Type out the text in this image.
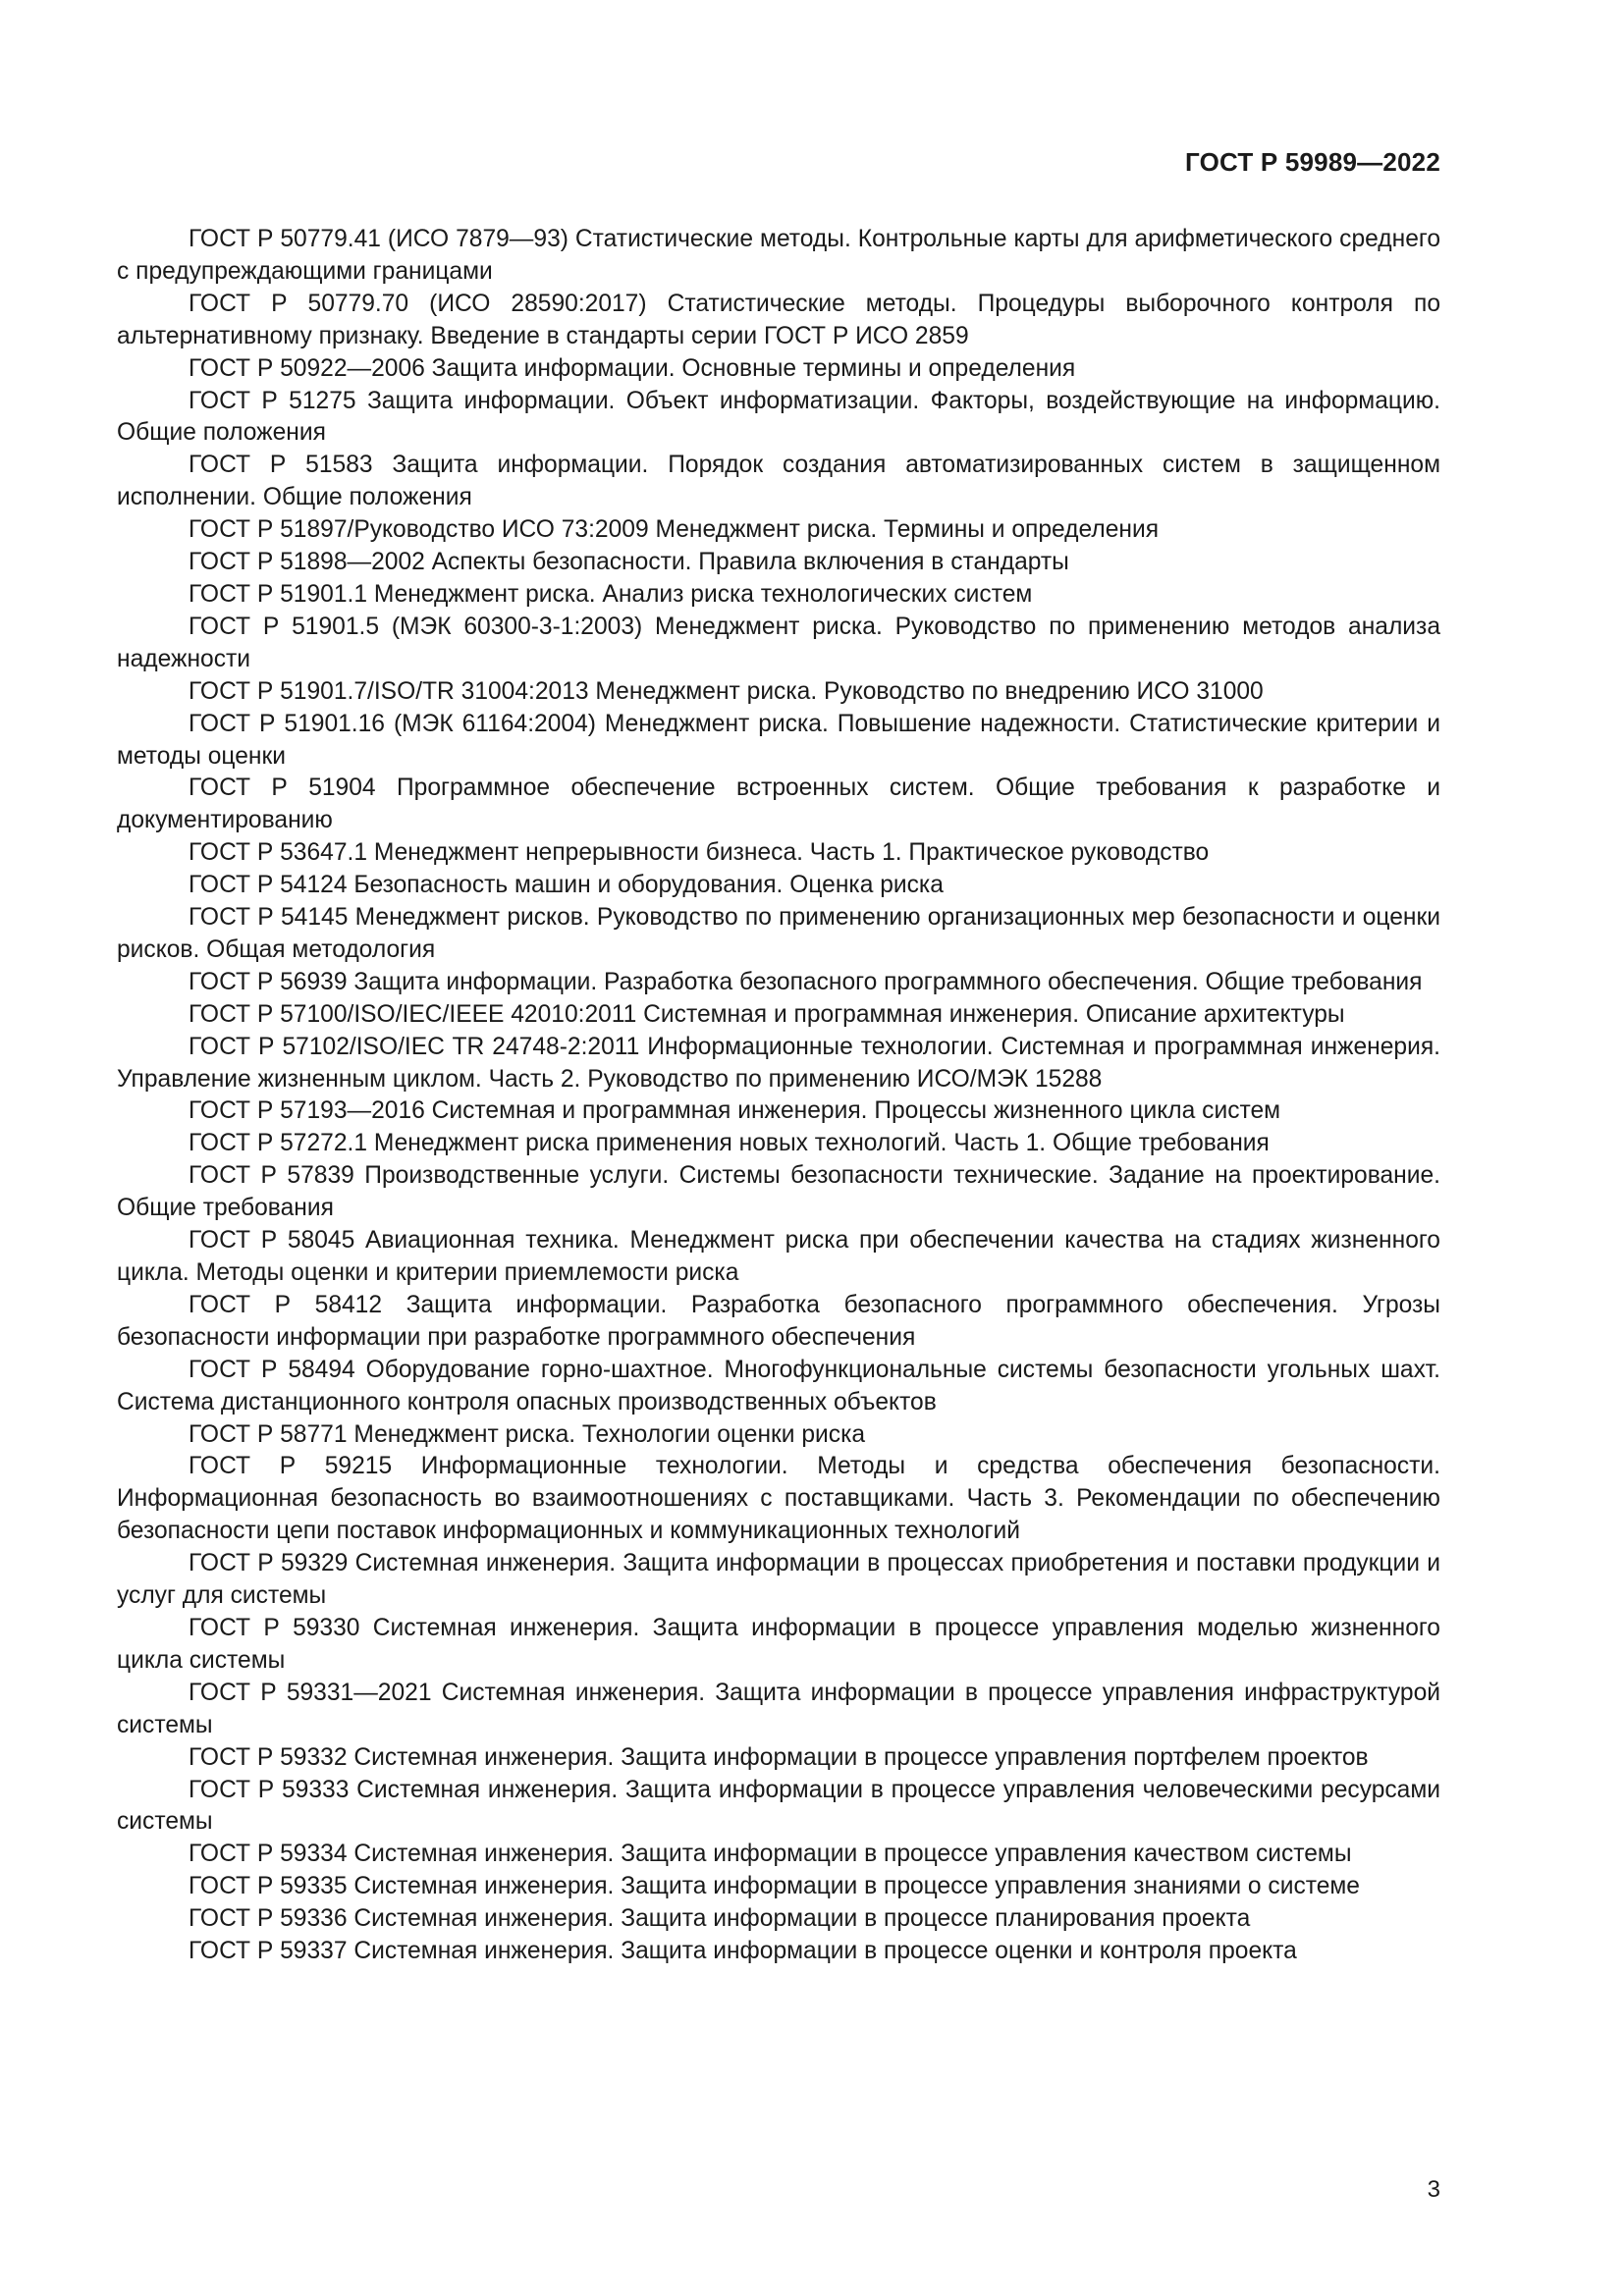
ГОСТ Р 59989—2022

ГОСТ Р 50779.41 (ИСО 7879—93) Статистические методы. Контрольные карты для арифметического среднего с предупреждающими границами

ГОСТ Р 50779.70 (ИСО 28590:2017) Статистические методы. Процедуры выборочного контроля по альтернативному признаку. Введение в стандарты серии ГОСТ Р ИСО 2859

ГОСТ Р 50922—2006 Защита информации. Основные термины и определения

ГОСТ Р 51275 Защита информации. Объект информатизации. Факторы, воздействующие на информацию. Общие положения

ГОСТ Р 51583 Защита информации. Порядок создания автоматизированных систем в защищенном исполнении. Общие положения

ГОСТ Р 51897/Руководство ИСО 73:2009 Менеджмент риска. Термины и определения

ГОСТ Р 51898—2002 Аспекты безопасности. Правила включения в стандарты

ГОСТ Р 51901.1 Менеджмент риска. Анализ риска технологических систем

ГОСТ Р 51901.5 (МЭК 60300-3-1:2003) Менеджмент риска. Руководство по применению методов анализа надежности

ГОСТ Р 51901.7/ISO/TR 31004:2013 Менеджмент риска. Руководство по внедрению ИСО 31000

ГОСТ Р 51901.16 (МЭК 61164:2004) Менеджмент риска. Повышение надежности. Статистические критерии и методы оценки

ГОСТ Р 51904 Программное обеспечение встроенных систем. Общие требования к разработке и документированию

ГОСТ Р 53647.1 Менеджмент непрерывности бизнеса. Часть 1. Практическое руководство

ГОСТ Р 54124 Безопасность машин и оборудования. Оценка риска

ГОСТ Р 54145 Менеджмент рисков. Руководство по применению организационных мер безопасности и оценки рисков. Общая методология

ГОСТ Р 56939 Защита информации. Разработка безопасного программного обеспечения. Общие требования

ГОСТ Р 57100/ISO/IEC/IEEE 42010:2011 Системная и программная инженерия. Описание архитектуры

ГОСТ Р 57102/ISO/IEC TR 24748-2:2011 Информационные технологии. Системная и программная инженерия. Управление жизненным циклом. Часть 2. Руководство по применению ИСО/МЭК 15288

ГОСТ Р 57193—2016 Системная и программная инженерия. Процессы жизненного цикла систем

ГОСТ Р 57272.1 Менеджмент риска применения новых технологий. Часть 1. Общие требования

ГОСТ Р 57839 Производственные услуги. Системы безопасности технические. Задание на проектирование. Общие требования

ГОСТ Р 58045 Авиационная техника. Менеджмент риска при обеспечении качества на стадиях жизненного цикла. Методы оценки и критерии приемлемости риска

ГОСТ Р 58412 Защита информации. Разработка безопасного программного обеспечения. Угрозы безопасности информации при разработке программного обеспечения

ГОСТ Р 58494 Оборудование горно-шахтное. Многофункциональные системы безопасности угольных шахт. Система дистанционного контроля опасных производственных объектов

ГОСТ Р 58771 Менеджмент риска. Технологии оценки риска

ГОСТ Р 59215 Информационные технологии. Методы и средства обеспечения безопасности. Информационная безопасность во взаимоотношениях с поставщиками. Часть 3. Рекомендации по обеспечению безопасности цепи поставок информационных и коммуникационных технологий

ГОСТ Р 59329 Системная инженерия. Защита информации в процессах приобретения и поставки продукции и услуг для системы

ГОСТ Р 59330 Системная инженерия. Защита информации в процессе управления моделью жизненного цикла системы

ГОСТ Р 59331—2021 Системная инженерия. Защита информации в процессе управления инфраструктурой системы

ГОСТ Р 59332 Системная инженерия. Защита информации в процессе управления портфелем проектов

ГОСТ Р 59333 Системная инженерия. Защита информации в процессе управления человеческими ресурсами системы

ГОСТ Р 59334 Системная инженерия. Защита информации в процессе управления качеством системы

ГОСТ Р 59335 Системная инженерия. Защита информации в процессе управления знаниями о системе

ГОСТ Р 59336 Системная инженерия. Защита информации в процессе планирования проекта

ГОСТ Р 59337 Системная инженерия. Защита информации в процессе оценки и контроля проекта

3
